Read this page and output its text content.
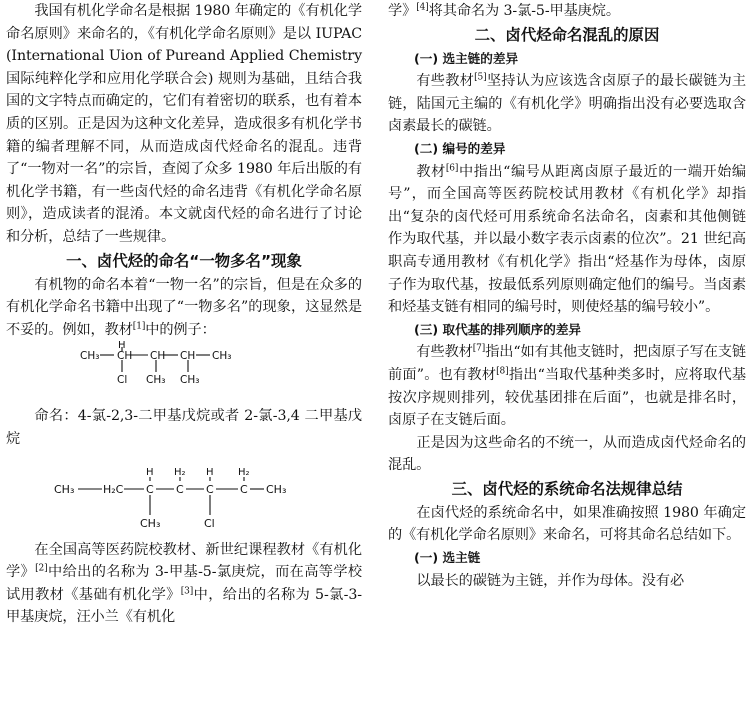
我国有机化学命名是根据 1980 年确定的《有机化学命名原则》来命名的，《有机化学命名原则》是以 IUPAC (International Uion of Pureand Applied Chemistry 国际纯粹化学和应用化学联合会) 规则为基础，且结合我国的文字特点而确定的，它们有着密切的联系，也有着本质的区别。正是因为这种文化差异，造成很多有机化学书籍的编者理解不同，从而造成卤代烃命名的混乱。违背了“一物对一名”的宗旨，查阅了众多 1980 年后出版的有机化学书籍，有一些卤代烃的命名违背《有机化学命名原则》，造成读者的混淆。本文就卤代烃的命名进行了讨论和分析，总结了一些规律。

一、卤代烃的命名“一物多名”现象

有机物的命名本着“一物一名”的宗旨，但是在众多的有机化学命名书籍中出现了“一物多名”的现象，这显然是不妥的。例如，教材[1]中的例子：

CH₃ CH
H
CH CH CH₃
Cl CH₃ CH₃

命名：4-氯-2,3-二甲基戊烷或者 2-氯-3,4 二甲基戊烷

CH₃	H₂C C C C C CH₃
H H₂ H H₂
CH₃	Cl

在全国高等医药院校教材、新世纪课程教材《有机化学》[2]中给出的名称为 3-甲基-5-氯庚烷，而在高等学校试用教材《基础有机化学》[3]中，给出的名称为 5-氯-3-甲基庚烷，汪小兰《有机化

学》[4]将其命名为 3-氯-5-甲基庚烷。

二、卤代烃命名混乱的原因
(一) 选主链的差异

有些教材[5]坚持认为应该选含卤原子的最长碳链为主链，陆国元主编的《有机化学》明确指出没有必要选取含卤素最长的碳链。

(二) 编号的差异

教材[6]中指出“编号从距离卤原子最近的一端开始编号”，而全国高等医药院校试用教材《有机化学》却指出“复杂的卤代烃可用系统命名法命名，卤素和其他侧链作为取代基，并以最小数字表示卤素的位次”。21 世纪高职高专通用教材《有机化学》指出“烃基作为母体，卤原子作为取代基，按最低系列原则确定他们的编号。当卤素和烃基支链有相同的编号时，则使烃基的编号较小”。

(三) 取代基的排列顺序的差异

有些教材[7]指出“如有其他支链时，把卤原子写在支链前面”。也有教材[8]指出“当取代基种类多时，应将取代基按次序规则排列，较优基团排在后面”，也就是排名时，卤原子在支链后面。

正是因为这些命名的不统一，从而造成卤代烃命名的混乱。

三、卤代烃的系统命名法规律总结

在卤代烃的系统命名中，如果准确按照 1980 年确定的《有机化学命名原则》来命名，可将其命名总结如下。

(一) 选主链

以最长的碳链为主链，并作为母体。没有必
